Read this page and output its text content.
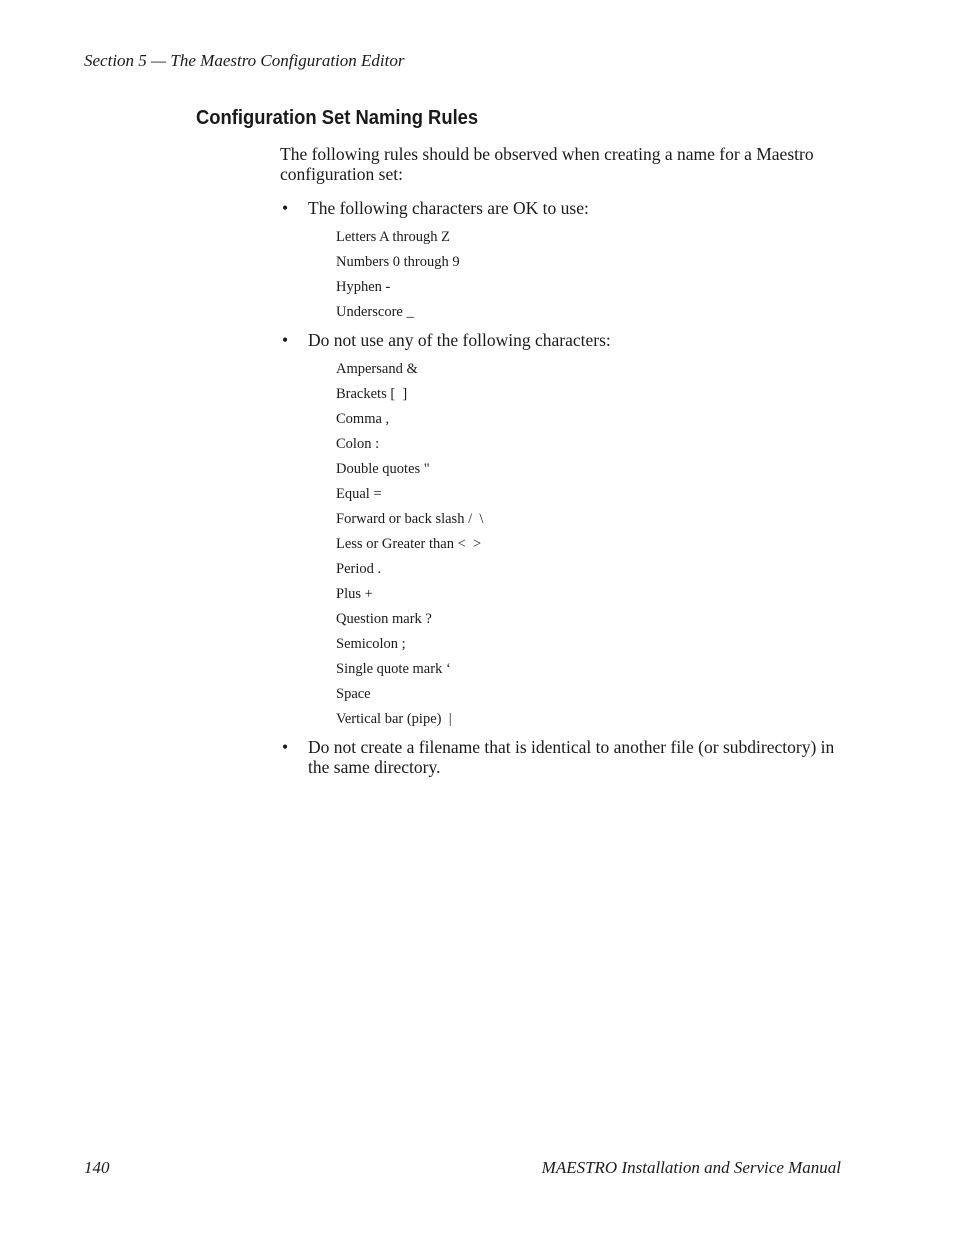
Section 5 — The Maestro Configuration Editor
Configuration Set Naming Rules

The following rules should be observed when creating a name for a Maestro configuration set:

• The following characters are OK to use:
Letters A through Z
Numbers 0 through 9
Hyphen -
Underscore _
• Do not use any of the following characters:
Ampersand &
Brackets [  ]
Comma ,
Colon :
Double quotes "
Equal =
Forward or back slash /  \
Less or Greater than <  >
Period .
Plus +
Question mark ?
Semicolon ;
Single quote mark ‘
Space
Vertical bar (pipe)  |
• Do not create a filename that is identical to another file (or subdirectory) in the same directory.
140	MAESTRO Installation and Service Manual
